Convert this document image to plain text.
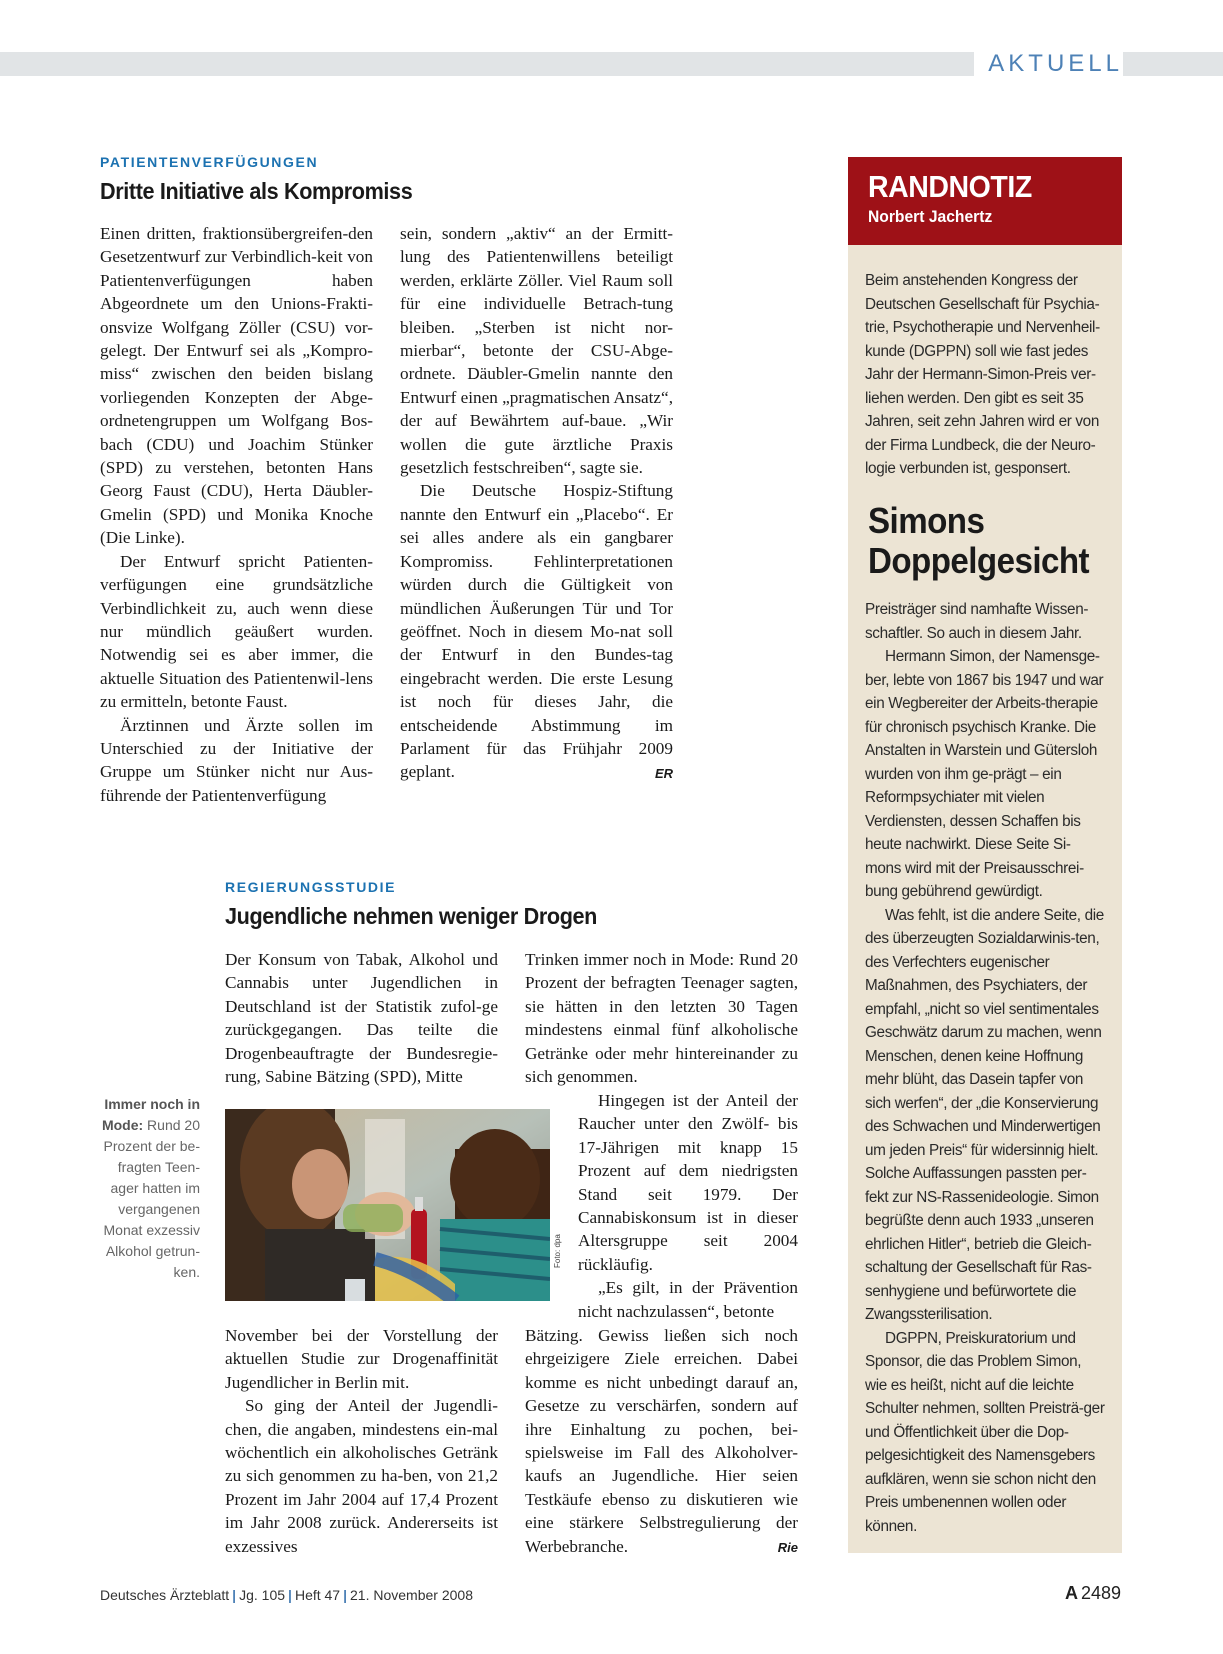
AKTUELL
PATIENTENVERFÜGUNGEN
Dritte Initiative als Kompromiss

Einen dritten, fraktionsübergreifen-den Gesetzentwurf zur Verbindlich-keit von Patientenverfügungen haben Abgeordnete um den Unions-Frakti-onsvize Wolfgang Zöller (CSU) vor-gelegt. Der Entwurf sei als „Kompro-miss“ zwischen den beiden bislang vorliegenden Konzepten der Abge-ordnetengruppen um Wolfgang Bos-bach (CDU) und Joachim Stünker (SPD) zu verstehen, betonten Hans Georg Faust (CDU), Herta Däubler-Gmelin (SPD) und Monika Knoche (Die Linke).

Der Entwurf spricht Patienten-verfügungen eine grundsätzliche Verbindlichkeit zu, auch wenn diese nur mündlich geäußert wurden. Notwendig sei es aber immer, die aktuelle Situation des Patientenwil-lens zu ermitteln, betonte Faust.

Ärztinnen und Ärzte sollen im Unterschied zu der Initiative der Gruppe um Stünker nicht nur Aus-führende der Patientenverfügung

sein, sondern „aktiv“ an der Ermitt-lung des Patientenwillens beteiligt werden, erklärte Zöller. Viel Raum soll für eine individuelle Betrach-tung bleiben. „Sterben ist nicht nor-mierbar“, betonte der CSU-Abge-ordnete. Däubler-Gmelin nannte den Entwurf einen „pragmatischen Ansatz“, der auf Bewährtem auf-baue. „Wir wollen die gute ärztliche Praxis gesetzlich festschreiben“, sagte sie.

Die Deutsche Hospiz-Stiftung nannte den Entwurf ein „Placebo“. Er sei alles andere als ein gangbarer Kompromiss. Fehlinterpretationen würden durch die Gültigkeit von mündlichen Äußerungen Tür und Tor geöffnet. Noch in diesem Mo-nat soll der Entwurf in den Bundes-tag eingebracht werden. Die erste Lesung ist noch für dieses Jahr, die entscheidende Abstimmung im Parlament für das Frühjahr 2009 geplant.	ER
REGIERUNGSSTUDIE
Jugendliche nehmen weniger Drogen

Der Konsum von Tabak, Alkohol und Cannabis unter Jugendlichen in Deutschland ist der Statistik zufol-ge zurückgegangen. Das teilte die Drogenbeauftragte der Bundesregie-rung, Sabine Bätzing (SPD), Mitte

Foto: dpa
Immer noch in Mode: Rund 20 Prozent der be-fragten Teen-ager hatten im vergangenen Monat exzessiv Alkohol getrun-ken.

November bei der Vorstellung der aktuellen Studie zur Drogenaffinität Jugendlicher in Berlin mit.

So ging der Anteil der Jugendli-chen, die angaben, mindestens ein-mal wöchentlich ein alkoholisches Getränk zu sich genommen zu ha-ben, von 21,2 Prozent im Jahr 2004 auf 17,4 Prozent im Jahr 2008 zurück. Andererseits ist exzessives

Trinken immer noch in Mode: Rund 20 Prozent der befragten Teenager sagten, sie hätten in den letzten 30 Tagen mindestens einmal fünf alkoholische Getränke oder mehr hintereinander zu sich genommen.

Hingegen ist der Anteil der Raucher unter den Zwölf- bis 17-Jährigen mit knapp 15 Prozent auf dem niedrigsten Stand seit 1979. Der Cannabiskonsum ist in dieser Altersgruppe seit 2004 rückläufig.

„Es gilt, in der Prävention nicht nachzulassen“, betonte

Bätzing. Gewiss ließen sich noch ehrgeizigere Ziele erreichen. Dabei komme es nicht unbedingt darauf an, Gesetze zu verschärfen, sondern auf ihre Einhaltung zu pochen, bei-spielsweise im Fall des Alkoholver-kaufs an Jugendliche. Hier seien Testkäufe ebenso zu diskutieren wie eine stärkere Selbstregulierung der Werbebranche.	Rie
RANDNOTIZ
Norbert Jachertz

Beim anstehenden Kongress der Deutschen Gesellschaft für Psychia-trie, Psychotherapie und Nervenheil-kunde (DGPPN) soll wie fast jedes Jahr der Hermann-Simon-Preis ver-liehen werden. Den gibt es seit 35 Jahren, seit zehn Jahren wird er von der Firma Lundbeck, die der Neuro-logie verbunden ist, gesponsert.

Simons Doppelgesicht

Preisträger sind namhafte Wissen-schaftler. So auch in diesem Jahr.

Hermann Simon, der Namensge-ber, lebte von 1867 bis 1947 und war ein Wegbereiter der Arbeits-therapie für chronisch psychisch Kranke. Die Anstalten in Warstein und Gütersloh wurden von ihm ge-prägt – ein Reformpsychiater mit vielen Verdiensten, dessen Schaffen bis heute nachwirkt. Diese Seite Si-mons wird mit der Preisausschrei-bung gebührend gewürdigt.

Was fehlt, ist die andere Seite, die des überzeugten Sozialdarwinis-ten, des Verfechters eugenischer Maßnahmen, des Psychiaters, der empfahl, „nicht so viel sentimentales Geschwätz darum zu machen, wenn Menschen, denen keine Hoffnung mehr blüht, das Dasein tapfer von sich werfen“, der „die Konservierung des Schwachen und Minderwertigen um jeden Preis“ für widersinnig hielt. Solche Auffassungen passten per-fekt zur NS-Rassenideologie. Simon begrüßte denn auch 1933 „unseren ehrlichen Hitler“, betrieb die Gleich-schaltung der Gesellschaft für Ras-senhygiene und befürwortete die Zwangssterilisation.

DGPPN, Preiskuratorium und Sponsor, die das Problem Simon, wie es heißt, nicht auf die leichte Schulter nehmen, sollten Preisträ-ger und Öffentlichkeit über die Dop-pelgesichtigkeit des Namensgebers aufklären, wenn sie schon nicht den Preis umbenennen wollen oder können.

Deutsches Ärzteblatt | Jg. 105 | Heft 47 | 21. November 2008	A 2489
